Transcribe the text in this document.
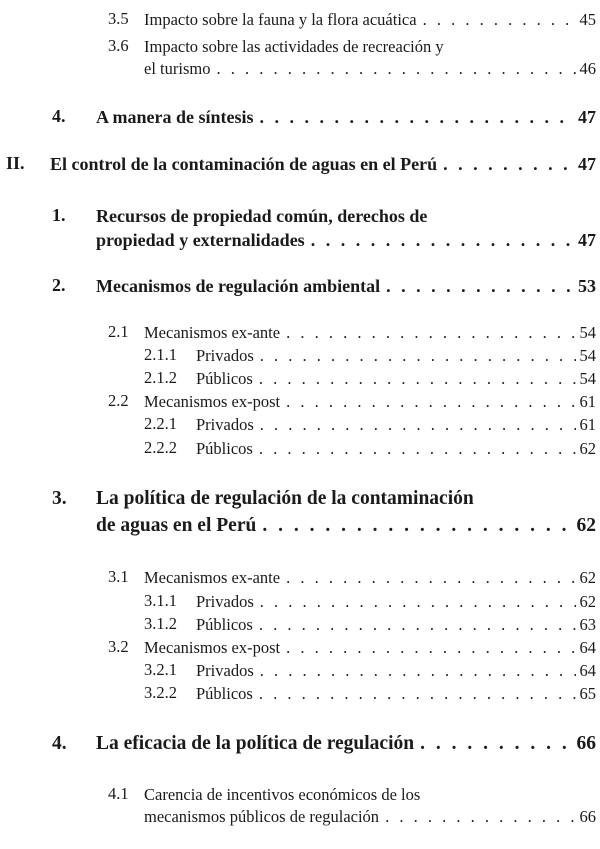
3.5 Impacto sobre la fauna y la flora acuática . . .	45
3.6 Impacto sobre las actividades de recreación y
el turismo . . .	46
4. A manera de síntesis . . .	47
II. El control de la contaminación de aguas en el Perú . . .	47
1. Recursos de propiedad común, derechos de
propiedad y externalidades . . .	47
2. Mecanismos de regulación ambiental . . .	53
2.1 Mecanismos ex-ante . . .	54
2.1.1 Privados . . .	54
2.1.2 Públicos . . .	54
2.2 Mecanismos ex-post . . .	61
2.2.1 Privados . . .	61
2.2.2 Públicos . . .	62
3. La política de regulación de la contaminación
de aguas en el Perú . . .	62
3.1 Mecanismos ex-ante . . .	62
3.1.1 Privados . . .	62
3.1.2 Públicos . . .	63
3.2 Mecanismos ex-post . . .	64
3.2.1 Privados . . .	64
3.2.2 Públicos . . .	65
4. La eficacia de la política de regulación . . .	66
4.1 Carencia de incentivos económicos de los
mecanismos públicos de regulación . . .	66
